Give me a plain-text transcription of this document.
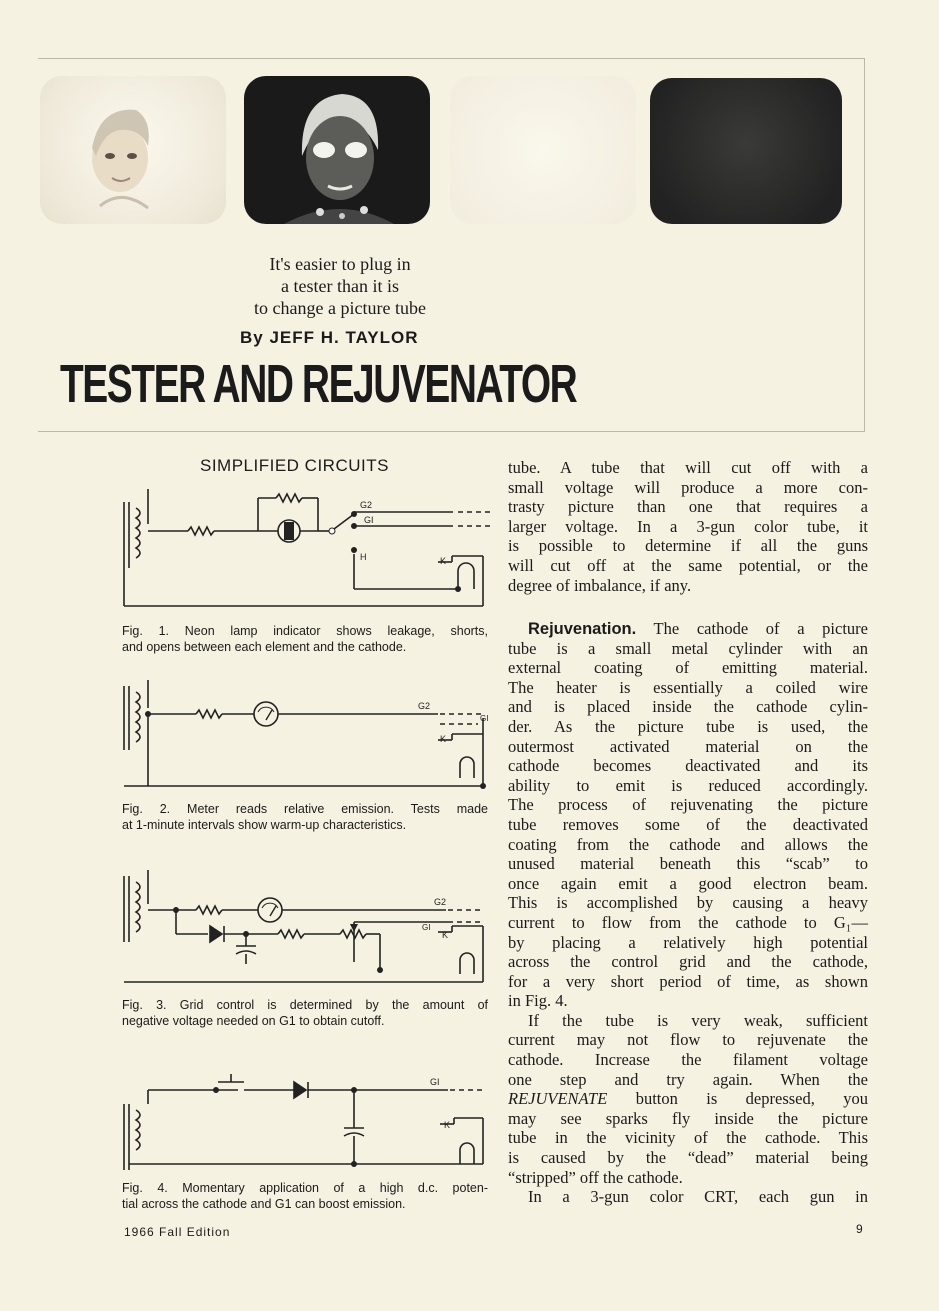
It's easier to plug in
a tester than it is
to change a picture tube
By JEFF H. TAYLOR
TESTER AND REJUVENATOR
SIMPLIFIED CIRCUITS
G2
GI
H	K
Fig. 1. Neon lamp indicator shows leakage, shorts,
and opens between each element and the cathode.
G2
GI
K
Fig. 2. Meter reads relative emission. Tests made
at 1-minute intervals show warm-up characteristics.
G2
GI
K
Fig. 3. Grid control is determined by the amount of
negative voltage needed on G1 to obtain cutoff.
GI
K
Fig. 4. Momentary application of a high d.c. poten-
tial across the cathode and G1 can boost emission.
tube. A tube that will cut off with a
small voltage will produce a more con-
trasty picture than one that requires a
larger voltage. In a 3-gun color tube, it
is possible to determine if all the guns
will cut off at the same potential, or the
degree of imbalance, if any.
Rejuvenation. The cathode of a picture
tube is a small metal cylinder with an
external coating of emitting material.
The heater is essentially a coiled wire
and is placed inside the cathode cylin-
der. As the picture tube is used, the
outermost activated material on the
cathode becomes deactivated and its
ability to emit is reduced accordingly.
The process of rejuvenating the picture
tube removes some of the deactivated
coating from the cathode and allows the
unused material beneath this “scab” to
once again emit a good electron beam.
This is accomplished by causing a heavy
current to flow from the cathode to G₁—
by placing a relatively high potential
across the control grid and the cathode,
for a very short period of time, as shown
in Fig. 4.
If the tube is very weak, sufficient
current may not flow to rejuvenate the
cathode. Increase the filament voltage
one step and try again. When the
REJUVENATE button is depressed, you
may see sparks fly inside the picture
tube in the vicinity of the cathode. This
is caused by the “dead” material being
“stripped” off the cathode.
In a 3-gun color CRT, each gun in
1966 Fall Edition	9
